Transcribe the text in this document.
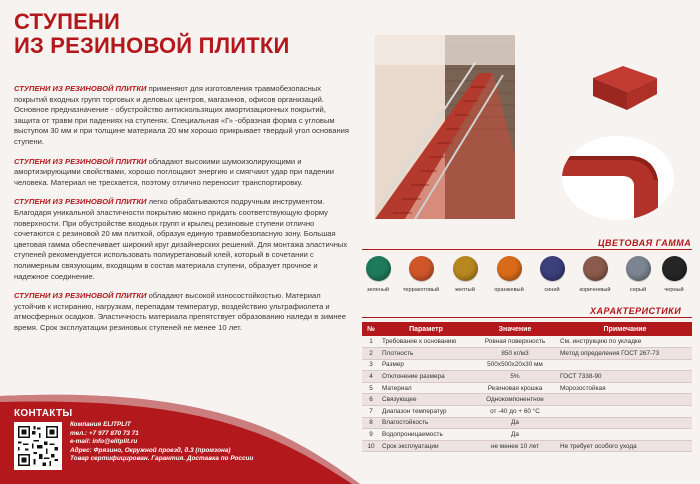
СТУПЕНИ
ИЗ РЕЗИНОВОЙ ПЛИТКИ

СТУПЕНИ ИЗ РЕЗИНОВОЙ ПЛИТКИ применяют для изготовления травмобезопасных покрытий входных групп торговых и деловых центров, магазинов, офисов организаций. Основное предназначение - обустройство антискользящих амортизационных покрытий, защита от травм при падениях на ступенях. Специальная «Г» -образная форма с угловым выступом 30 мм и при толщине материала 20 мм хорошо прикрывает твердый угол основания ступени.

СТУПЕНИ ИЗ РЕЗИНОВОЙ ПЛИТКИ обладают высокими шумоизолирующими и амортизирующими свойствами, хорошо поглощают энергию и смягчают удар при падении человека. Материал не трескается, поэтому отлично переносит транспортировку.

СТУПЕНИ ИЗ РЕЗИНОВОЙ ПЛИТКИ легко обрабатываются подручным инструментом. Благодаря уникальной эластичности покрытию можно придать соответствующую форму поверхности. При обустройстве входных групп и крылец резиновые ступени отлично сочетаются с резиновой 20 мм плиткой, образуя единую травмобезопасную зону. Большая цветовая гамма обеспечивает широкий круг дизайнерских решений. Для монтажа эластичных ступеней рекомендуется использовать полиуретановый клей, который в сочетании с полимерным связующим, входящим в состав материала ступени, образует прочное и надежное соединение.

СТУПЕНИ ИЗ РЕЗИНОВОЙ ПЛИТКИ обладают высокой износостойкостью. Материал устойчив к истиранию, нагрузкам, перепадам температур, воздействию ультрафиолета и атмосферных осадков. Эластичность материала препятствует образованию наледи в зимнее время. Срок эксплуатации резиновых ступеней не менее 10 лет.

ЦВЕТОВАЯ ГАММА
зеленый терракотовый	желтый	оранжевый	синий	коричневый	серый	черный
ХАРАКТЕРИСТИКИ
№	Параметр	Значение	Примечание
1	Требование к основанию	Ровная поверхность	См. инструкцию по укладке
2	Плотность	850 кг/м3	Метод определения ГОСТ 267-73
3	Размер	500х500х20х30 мм	
4	Отклонение размера	5%	ГОСТ 7338-90
5	Материал	Резиновая крошка	Морозостойкая
6	Связующее	Однокомпонентное	
7	Диапазон температур	от -40 до + 60 °С	
8	Влагостойкость	Да	
9	Водопроницаемость	Да	
10	Срок эксплуатации	не менее 10 лет	Не требует особого ухода
КОНТАКТЫ
Компания ELITPLIT
тел.: +7 977 870 73 71
e-mail: info@elitplit.ru
Адрес: Фрязино, Окружной проезд, д.3 (промзона)
Товар сертифицирован. Гарантия. Доставка по России
